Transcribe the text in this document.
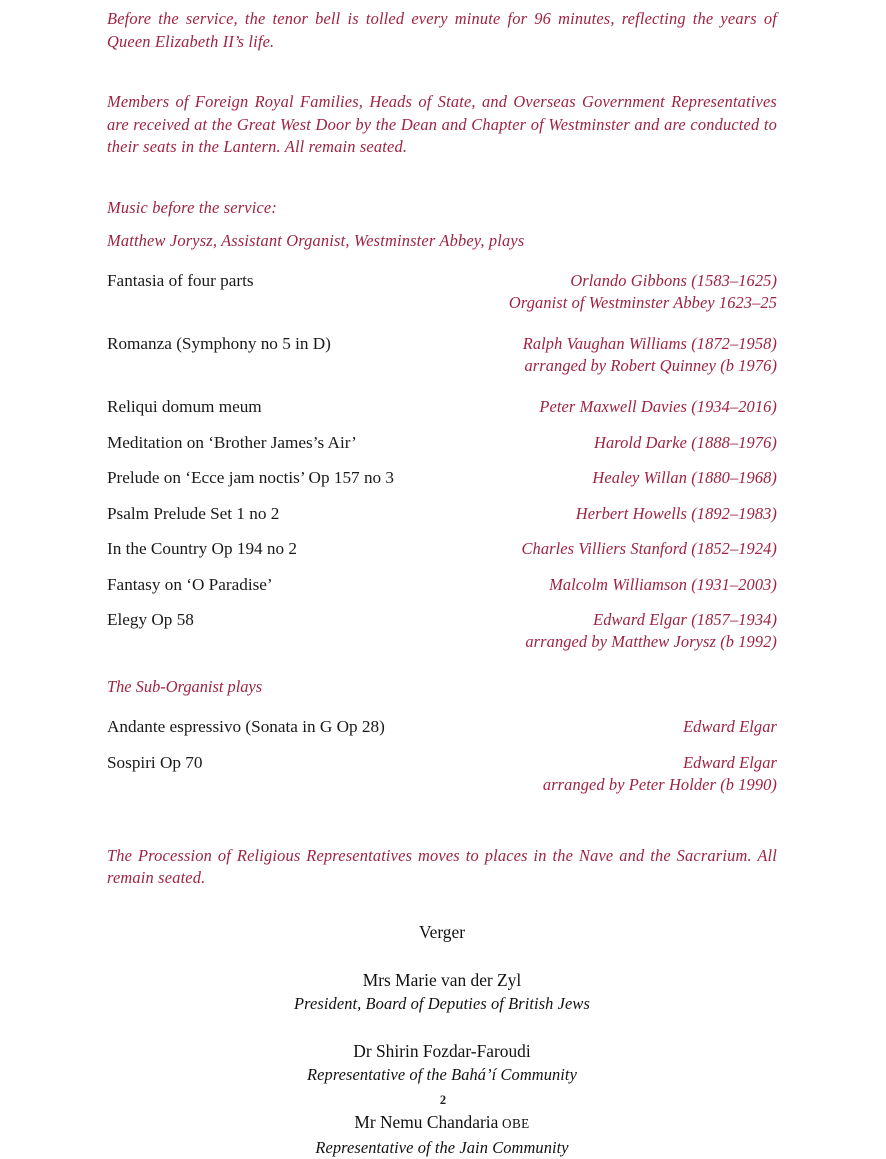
Before the service, the tenor bell is tolled every minute for 96 minutes, reflecting the years of Queen Elizabeth II’s life.

Members of Foreign Royal Families, Heads of State, and Overseas Government Representatives are received at the Great West Door by the Dean and Chapter of Westminster and are conducted to their seats in the Lantern. All remain seated.

Music before the service:

Matthew Jorysz, Assistant Organist, Westminster Abbey, plays

Fantasia of four parts	Orlando Gibbons (1583–1625)
Organist of Westminster Abbey 1623–25
Romanza (Symphony no 5 in D)	Ralph Vaughan Williams (1872–1958)
arranged by Robert Quinney (b 1976)
Reliqui domum meum	Peter Maxwell Davies (1934–2016)
Meditation on ‘Brother James’s Air’	Harold Darke (1888–1976)
Prelude on ‘Ecce jam noctis’ Op 157 no 3	Healey Willan (1880–1968)
Psalm Prelude Set 1 no 2	Herbert Howells (1892–1983)
In the Country Op 194 no 2	Charles Villiers Stanford (1852–1924)
Fantasy on ‘O Paradise’	Malcolm Williamson (1931–2003)
Elegy Op 58	Edward Elgar (1857–1934)
arranged by Matthew Jorysz (b 1992)

The Sub-Organist plays

Andante espressivo (Sonata in G Op 28)	Edward Elgar
Sospiri Op 70	Edward Elgar
arranged by Peter Holder (b 1990)

The Procession of Religious Representatives moves to places in the Nave and the Sacrarium. All remain seated.

Verger

Mrs Marie van der Zyl

President, Board of Deputies of British Jews

Dr Shirin Fozdar-Faroudi

Representative of the Bahá’í Community

Mr Nemu Chandaria OBE

Representative of the Jain Community

2
